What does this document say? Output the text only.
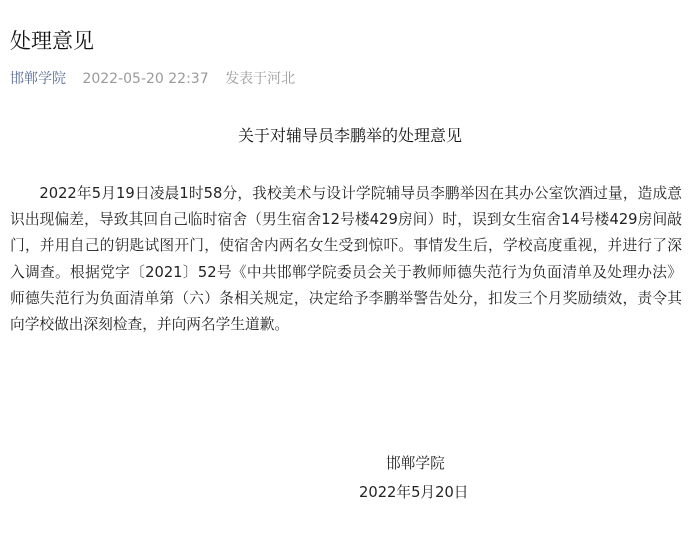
处理意见
邯郸学院 2022-05-20 22:37 发表于河北
关于对辅导员李鹏举的处理意见

2022年5月19日凌晨1时58分，我校美术与设计学院辅导员李鹏举因在其办公室饮酒过量，造成意识出现偏差，导致其回自己临时宿舍（男生宿舍12号楼429房间）时，误到女生宿舍14号楼429房间敲门，并用自己的钥匙试图开门，使宿舍内两名女生受到惊吓。事情发生后，学校高度重视，并进行了深入调查。根据党字〔2021〕52号《中共邯郸学院委员会关于教师师德失范行为负面清单及处理办法》师德失范行为负面清单第（六）条相关规定，决定给予李鹏举警告处分，扣发三个月奖励绩效，责令其向学校做出深刻检查，并向两名学生道歉。

邯郸学院
2022年5月20日
